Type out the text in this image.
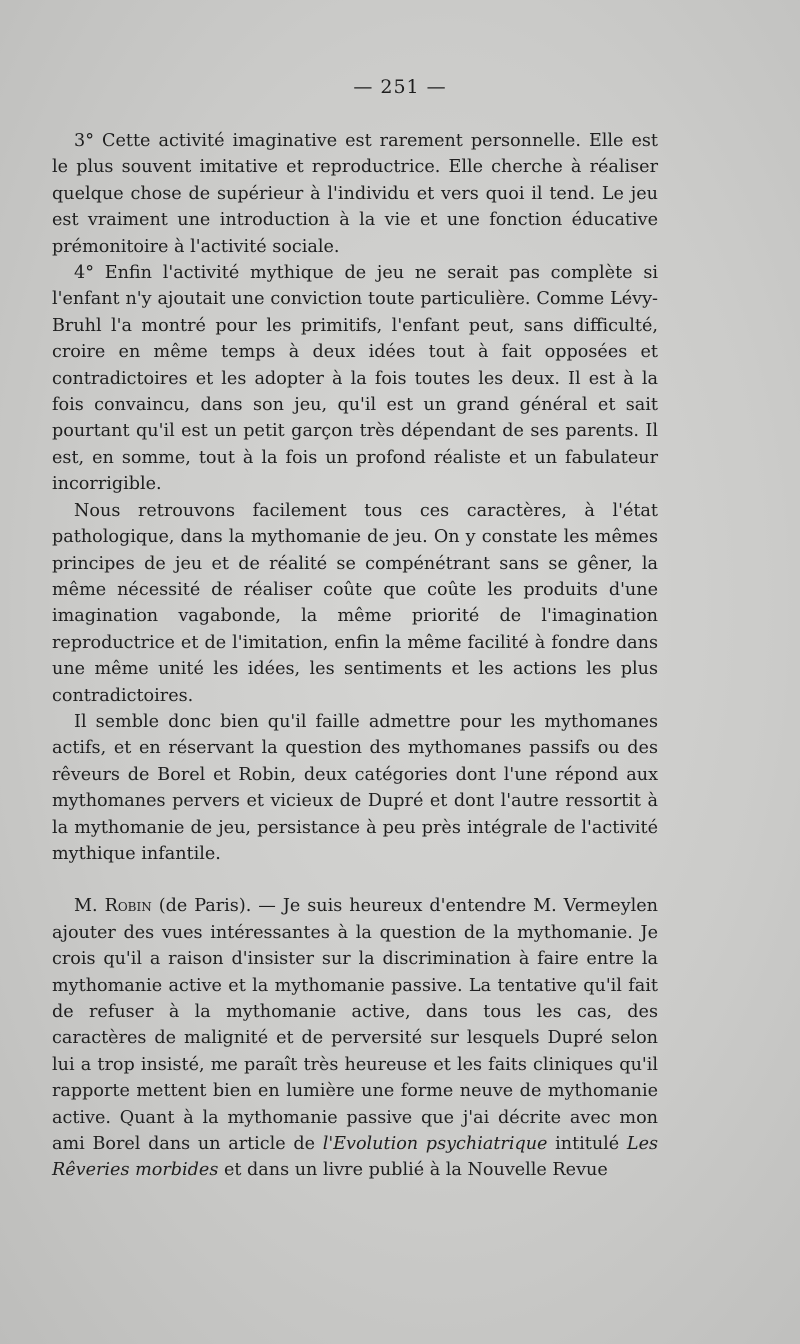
— 251 —

3° Cette activité imaginative est rarement personnelle. Elle est le plus souvent imitative et reproductrice. Elle cherche à réaliser quelque chose de supérieur à l'individu et vers quoi il tend. Le jeu est vraiment une introduction à la vie et une fonction éducative prémonitoire à l'activité sociale.

4° Enfin l'activité mythique de jeu ne serait pas complète si l'enfant n'y ajoutait une conviction toute particulière. Comme Lévy-Bruhl l'a montré pour les primitifs, l'enfant peut, sans difficulté, croire en même temps à deux idées tout à fait opposées et contradictoires et les adopter à la fois toutes les deux. Il est à la fois convaincu, dans son jeu, qu'il est un grand général et sait pourtant qu'il est un petit garçon très dépendant de ses parents. Il est, en somme, tout à la fois un profond réaliste et un fabulateur incorrigible.

Nous retrouvons facilement tous ces caractères, à l'état pathologique, dans la mythomanie de jeu. On y constate les mêmes principes de jeu et de réalité se compénétrant sans se gêner, la même nécessité de réaliser coûte que coûte les produits d'une imagination vagabonde, la même priorité de l'imagination reproductrice et de l'imitation, enfin la même facilité à fondre dans une même unité les idées, les sentiments et les actions les plus contradictoires.

Il semble donc bien qu'il faille admettre pour les mythomanes actifs, et en réservant la question des mythomanes passifs ou des rêveurs de Borel et Robin, deux catégories dont l'une répond aux mythomanes pervers et vicieux de Dupré et dont l'autre ressortit à la mythomanie de jeu, persistance à peu près intégrale de l'activité mythique infantile.

M. Robin (de Paris). — Je suis heureux d'entendre M. Vermeylen ajouter des vues intéressantes à la question de la mythomanie. Je crois qu'il a raison d'insister sur la discrimination à faire entre la mythomanie active et la mythomanie passive. La tentative qu'il fait de refuser à la mythomanie active, dans tous les cas, des caractères de malignité et de perversité sur lesquels Dupré selon lui a trop insisté, me paraît très heureuse et les faits cliniques qu'il rapporte mettent bien en lumière une forme neuve de mythomanie active. Quant à la mythomanie passive que j'ai décrite avec mon ami Borel dans un article de l'Evolution psychiatrique intitulé Les Rêveries morbides et dans un livre publié à la Nouvelle Revue
